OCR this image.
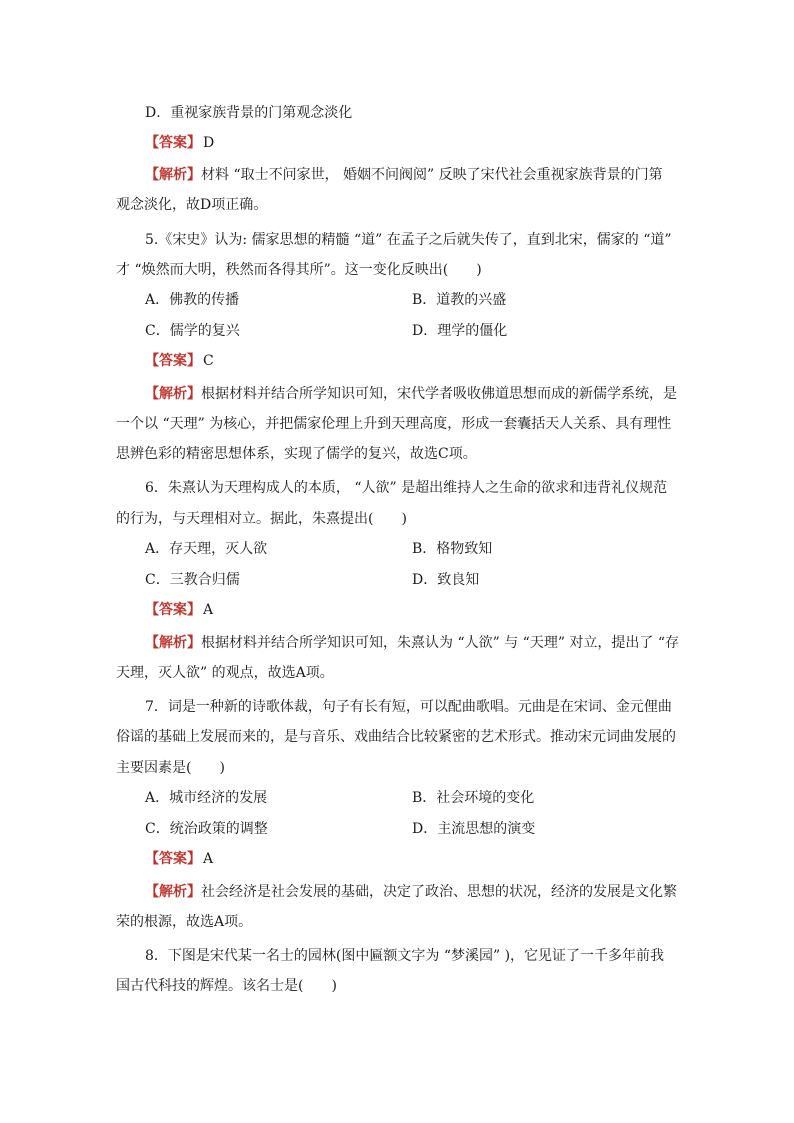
D．重视家族背景的门第观念淡化
【答案】 D
【解析】材料 “取士不问家世， 婚姻不问阀阅” 反映了宋代社会重视家族背景的门第
观念淡化，故D项正确。
5.《宋史》认为: 儒家思想的精髓 “道” 在孟子之后就失传了，直到北宋，儒家的 “道”
才 “焕然而大明，秩然而各得其所”。这一变化反映出(　　)
A．佛教的传播	B．道教的兴盛
C．儒学的复兴	D．理学的僵化
【答案】 C
【解析】根据材料并结合所学知识可知，宋代学者吸收佛道思想而成的新儒学系统，是
一个以 “天理” 为核心，并把儒家伦理上升到天理高度，形成一套囊括天人关系、具有理性
思辨色彩的精密思想体系，实现了儒学的复兴，故选C项。
6．朱熹认为天理构成人的本质， “人欲” 是超出维持人之生命的欲求和违背礼仪规范
的行为，与天理相对立。据此，朱熹提出(　　)
A．存天理，灭人欲	B．格物致知
C．三教合归儒	D．致良知
【答案】 A
【解析】根据材料并结合所学知识可知，朱熹认为 “人欲” 与 “天理” 对立，提出了 “存
天理，灭人欲” 的观点，故选A项。
7．词是一种新的诗歌体裁，句子有长有短，可以配曲歌唱。元曲是在宋词、金元俚曲
俗谣的基础上发展而来的，是与音乐、戏曲结合比较紧密的艺术形式。推动宋元词曲发展的
主要因素是(　　)
A．城市经济的发展	B．社会环境的变化
C．统治政策的调整	D．主流思想的演变
【答案】 A
【解析】社会经济是社会发展的基础，决定了政治、思想的状况，经济的发展是文化繁
荣的根源，故选A项。
8．下图是宋代某一名士的园林(图中匾额文字为 “梦溪园” )，它见证了一千多年前我
国古代科技的辉煌。该名士是(　　)
